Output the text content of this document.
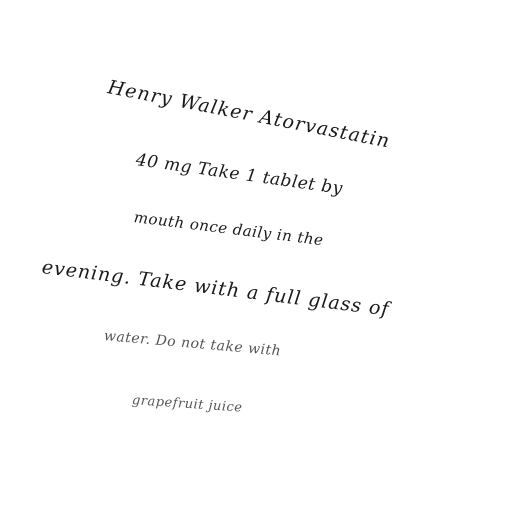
Henry Walker Atorvastatin
40 mg Take 1 tablet by
mouth once daily in the
evening. Take with a full glass of
water. Do not take with
grapefruit juice
